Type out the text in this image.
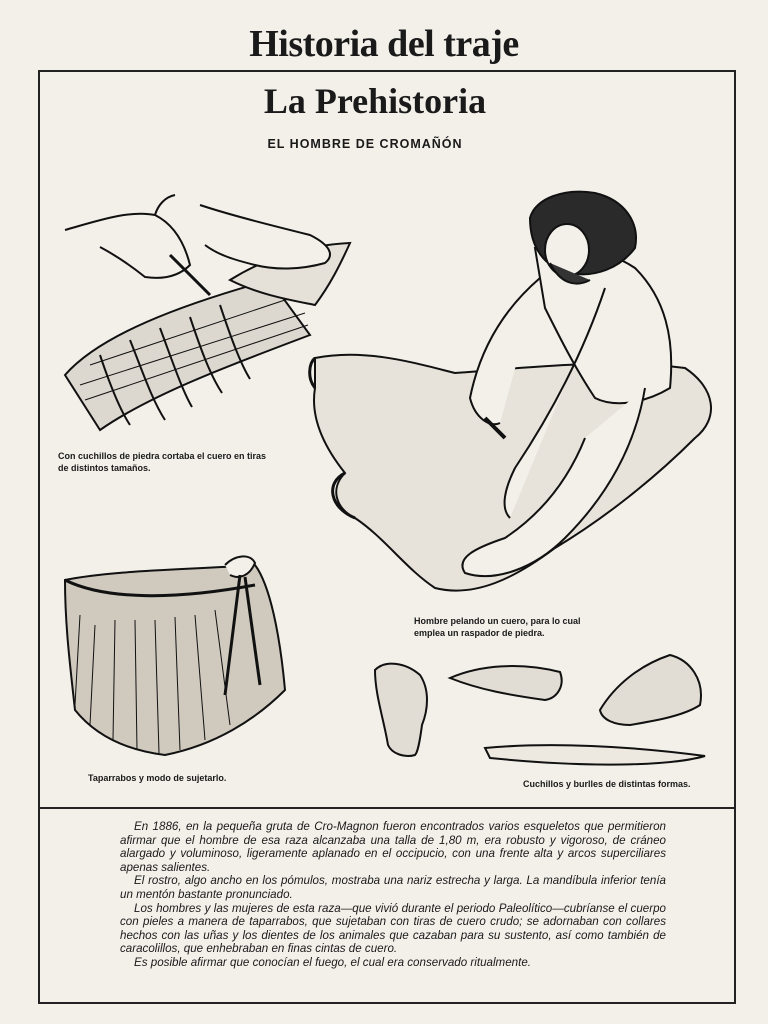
Historia del traje
La Prehistoria
EL HOMBRE DE CROMAÑÓN
Con cuchillos de piedra cortaba el cuero en tiras de distintos tamaños.
Hombre pelando un cuero, para lo cual emplea un raspador de piedra.
Taparrabos y modo de sujetarlo.
Cuchillos y burlles de distintas formas.

En 1886, en la pequeña gruta de Cro-Magnon fueron encontrados varios esqueletos que permitieron afirmar que el hombre de esa raza alcanzaba una talla de 1,80 m, era robusto y vigoroso, de cráneo alargado y voluminoso, ligeramente aplanado en el occipucio, con una frente alta y arcos superciliares apenas salientes.

El rostro, algo ancho en los pómulos, mostraba una nariz estrecha y larga. La mandíbula inferior tenía un mentón bastante pronunciado.

Los hombres y las mujeres de esta raza—que vivió durante el periodo Paleolítico—cubríanse el cuerpo con pieles a manera de taparrabos, que sujetaban con tiras de cuero crudo; se adornaban con collares hechos con las uñas y los dientes de los animales que cazaban para su sustento, así como también de caracolillos, que enhebraban en finas cintas de cuero.

Es posible afirmar que conocían el fuego, el cual era conservado ritualmente.
